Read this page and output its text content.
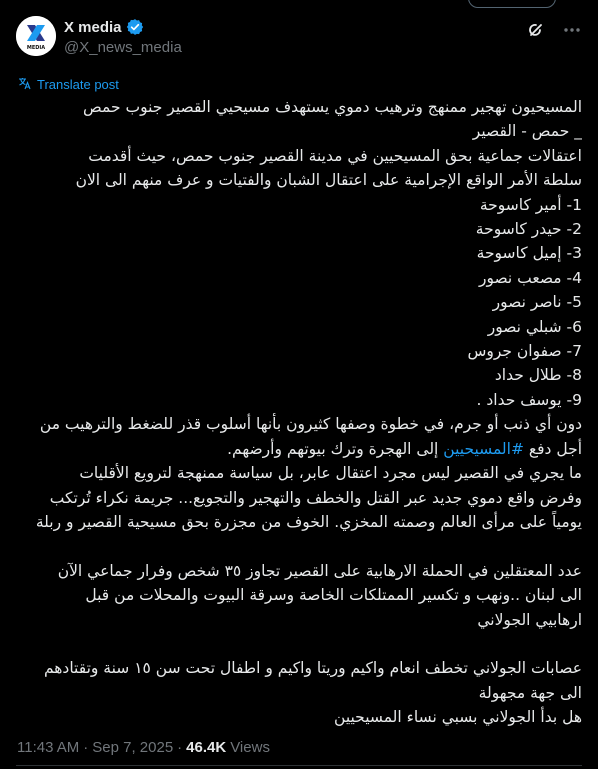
MEDIA
X media
@X_news_media
Translate post
المسيحيون تهجير ممنهج وترهيب دموي يستهدف مسيحيي القصير جنوب حمص
_ حمص - القصير
اعتقالات جماعية بحق المسيحيين في مدينة القصير جنوب حمص، حيث أقدمت
سلطة الأمر الواقع الإجرامية على اعتقال الشبان والفتيات و عرف منهم الى الان
1- أمير كاسوحة
2- حيدر كاسوحة
3- إميل كاسوحة
4- مصعب نصور
5- ناصر نصور
6- شبلي نصور
7- صفوان جروس
8- طلال حداد
9- يوسف حداد .
دون أي ذنب أو جرم، في خطوة وصفها كثيرون بأنها أسلوب قذر للضغط والترهيب من
أجل دفع #المسيحيين إلى الهجرة وترك بيوتهم وأرضهم.
ما يجري في القصير ليس مجرد اعتقال عابر، بل سياسة ممنهجة لترويع الأقليات
وفرض واقع دموي جديد عبر القتل والخطف والتهجير والتجويع... جريمة نكراء تُرتكب
يومياً على مرأى العالم وصمته المخزي. الخوف من مجزرة بحق مسيحية القصير و ربلة
عدد المعتقلين في الحملة الارهابية على القصير تجاوز ٣٥ شخص وفرار جماعي الآن
الى لبنان ..ونهب و تكسير الممتلكات الخاصة وسرقة البيوت والمحلات من قبل
ارهابيي الجولاني
عصابات الجولاني تخطف انعام واكيم وريتا واكيم و اطفال تحت سن ١٥ سنة وتقتادهم
الى جهة مجهولة
هل بدأ الجولاني بسبي نساء المسيحيين
11:43 AM · Sep 7, 2025 · 46.4K Views
